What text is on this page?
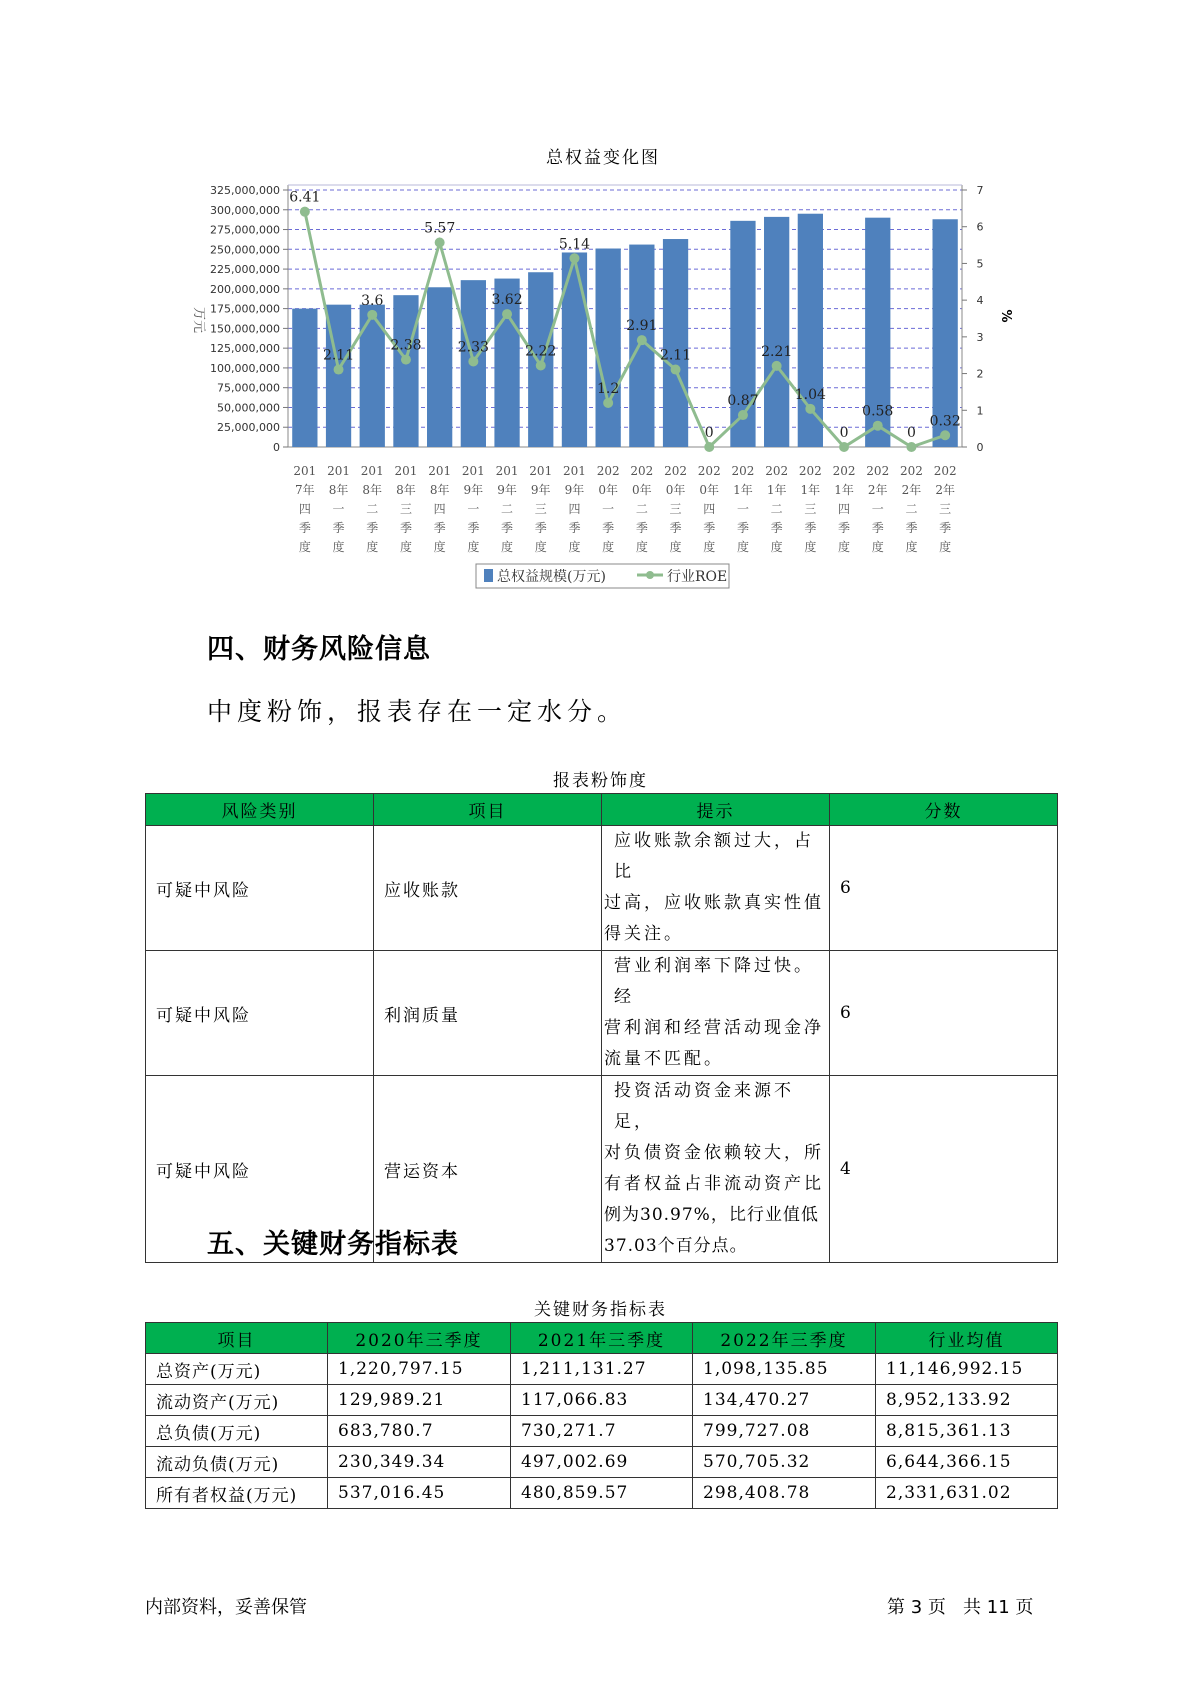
总权益变化图
6.41
2.11
3.6
2.38
5.57
2.33
3.62
2.22
5.14
1.2
2.91
2.11
0
0.87
2.21
1.04
0
0.58
0
0.32
0
25,000,000
50,000,000
75,000,000
100,000,000
125,000,000
150,000,000
175,000,000
200,000,000
225,000,000
250,000,000
275,000,000
300,000,000
325,000,000
0
1
2
3
4
5
6
7
201
7年
四
季
度
201
8年
一
季
度
201
8年
二
季
度
201
8年
三
季
度
201
8年
四
季
度
201
9年
一
季
度
201
9年
二
季
度
201
9年
三
季
度
201
9年
四
季
度
202
0年
一
季
度
202
0年
二
季
度
202
0年
三
季
度
202
0年
四
季
度
202
1年
一
季
度
202
1年
二
季
度
202
1年
三
季
度
202
1年
四
季
度
202
2年
一
季
度
202
2年
二
季
度
202
2年
三
季
度
万元	%
总权益规模(万元)	行业ROE
四、财务风险信息
中度粉饰，报表存在一定水分。
报表粉饰度
风险类别	项目	提示	分数
可疑中风险	应收账款	应收账款余额过大，占比
过高，应收账款真实性值
得关注。	6
可疑中风险	利润质量	营业利润率下降过快。经
营利润和经营活动现金净
流量不匹配。	6
可疑中风险	营运资本	投资活动资金来源不足，
对负债资金依赖较大，所
有者权益占非流动资产比
例为30.97%，比行业值低
37.03个百分点。	4
五、关键财务指标表
关键财务指标表
项目	2020年三季度	2021年三季度	2022年三季度	行业均值
总资产(万元)	1,220,797.15	1,211,131.27	1,098,135.85	11,146,992.15
流动资产(万元)	129,989.21	117,066.83	134,470.27	8,952,133.92
总负债(万元)	683,780.7	730,271.7	799,727.08	8,815,361.13
流动负债(万元)	230,349.34	497,002.69	570,705.32	6,644,366.15
所有者权益(万元)	537,016.45	480,859.57	298,408.78	2,331,631.02
内部资料，妥善保管	第 3 页   共 11 页
